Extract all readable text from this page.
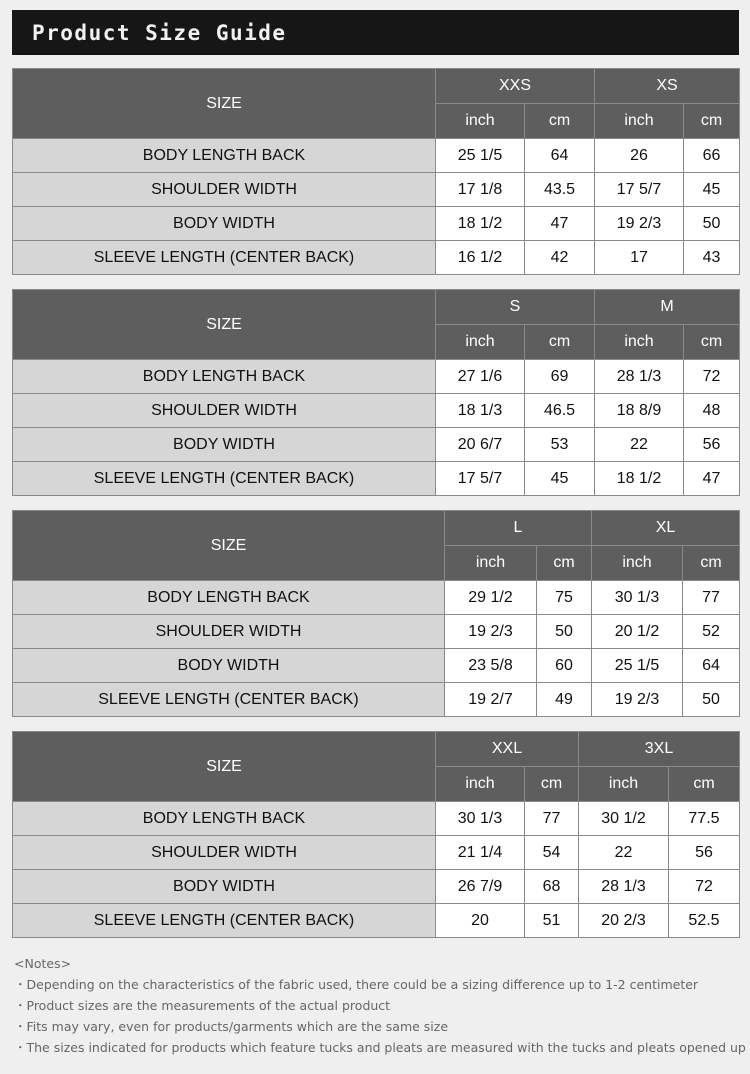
Product Size Guide
SIZE	XXS		XS	
	inch	cm	inch	cm
BODY LENGTH BACK	25 1/5	64	26	66
SHOULDER WIDTH	17 1/8	43.5	17 5/7	45
BODY WIDTH	18 1/2	47	19 2/3	50
SLEEVE LENGTH (CENTER BACK)	16 1/2	42	17	43
SIZE	S		M	
	inch	cm	inch	cm
BODY LENGTH BACK	27 1/6	69	28 1/3	72
SHOULDER WIDTH	18 1/3	46.5	18 8/9	48
BODY WIDTH	20 6/7	53	22	56
SLEEVE LENGTH (CENTER BACK)	17 5/7	45	18 1/2	47
SIZE	L		XL	
	inch	cm	inch	cm
BODY LENGTH BACK	29 1/2	75	30 1/3	77
SHOULDER WIDTH	19 2/3	50	20 1/2	52
BODY WIDTH	23 5/8	60	25 1/5	64
SLEEVE LENGTH (CENTER BACK)	19 2/7	49	19 2/3	50
SIZE	XXL		3XL	
	inch	cm	inch	cm
BODY LENGTH BACK	30 1/3	77	30 1/2	77.5
SHOULDER WIDTH	21 1/4	54	22	56
BODY WIDTH	26 7/9	68	28 1/3	72
SLEEVE LENGTH (CENTER BACK)	20	51	20 2/3	52.5
<Notes>
・Depending on the characteristics of the fabric used, there could be a sizing difference up to 1-2 centimeter
・Product sizes are the measurements of the actual product
・Fits may vary, even for products/garments which are the same size
・The sizes indicated for products which feature tucks and pleats are measured with the tucks and pleats opened up
